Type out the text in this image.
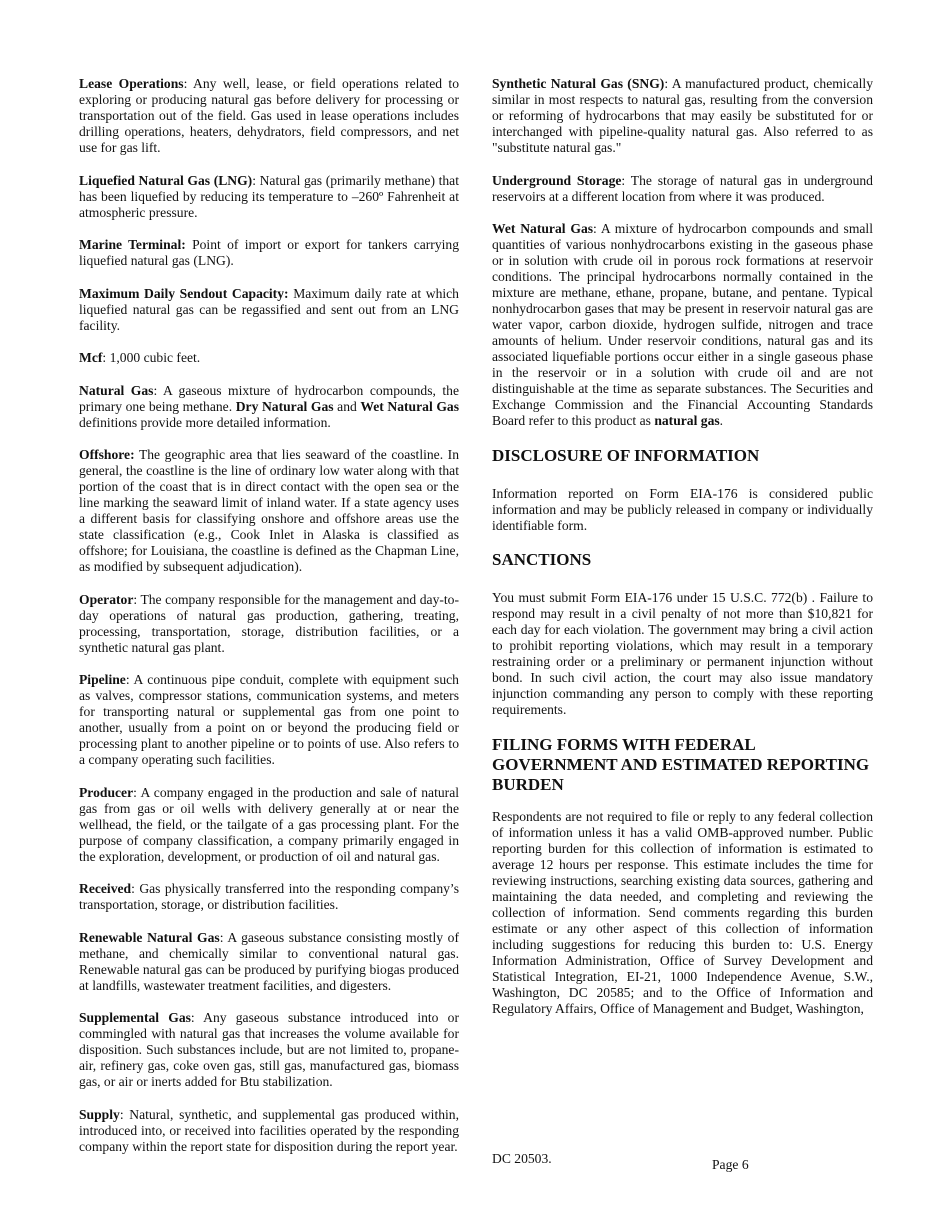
Lease Operations: Any well, lease, or field operations related to exploring or producing natural gas before delivery for processing or transportation out of the field. Gas used in lease operations includes drilling operations, heaters, dehydrators, field compressors, and net use for gas lift.

Liquefied Natural Gas (LNG): Natural gas (primarily methane) that has been liquefied by reducing its temperature to –260º Fahrenheit at atmospheric pressure.

Marine Terminal: Point of import or export for tankers carrying liquefied natural gas (LNG).

Maximum Daily Sendout Capacity: Maximum daily rate at which liquefied natural gas can be regassified and sent out from an LNG facility.

Mcf: 1,000 cubic feet.

Natural Gas: A gaseous mixture of hydrocarbon compounds, the primary one being methane. Dry Natural Gas and Wet Natural Gas definitions provide more detailed information.

Offshore: The geographic area that lies seaward of the coastline. In general, the coastline is the line of ordinary low water along with that portion of the coast that is in direct contact with the open sea or the line marking the seaward limit of inland water. If a state agency uses a different basis for classifying onshore and offshore areas use the state classification (e.g., Cook Inlet in Alaska is classified as offshore; for Louisiana, the coastline is defined as the Chapman Line, as modified by subsequent adjudication).

Operator: The company responsible for the management and day-to-day operations of natural gas production, gathering, treating, processing, transportation, storage, distribution facilities, or a synthetic natural gas plant.

Pipeline: A continuous pipe conduit, complete with equipment such as valves, compressor stations, communication systems, and meters for transporting natural or supplemental gas from one point to another, usually from a point on or beyond the producing field or processing plant to another pipeline or to points of use. Also refers to a company operating such facilities.

Producer: A company engaged in the production and sale of natural gas from gas or oil wells with delivery generally at or near the wellhead, the field, or the tailgate of a gas processing plant. For the purpose of company classification, a company primarily engaged in the exploration, development, or production of oil and natural gas.

Received: Gas physically transferred into the responding company’s transportation, storage, or distribution facilities.

Renewable Natural Gas: A gaseous substance consisting mostly of methane, and chemically similar to conventional natural gas. Renewable natural gas can be produced by purifying biogas produced at landfills, wastewater treatment facilities, and digesters.

Supplemental Gas: Any gaseous substance introduced into or commingled with natural gas that increases the volume available for disposition. Such substances include, but are not limited to, propane-air, refinery gas, coke oven gas, still gas, manufactured gas, biomass gas, or air or inerts added for Btu stabilization.

Supply: Natural, synthetic, and supplemental gas produced within, introduced into, or received into facilities operated by the responding company within the report state for disposition during the report year.

Synthetic Natural Gas (SNG): A manufactured product, chemically similar in most respects to natural gas, resulting from the conversion or reforming of hydrocarbons that may easily be substituted for or interchanged with pipeline-quality natural gas. Also referred to as "substitute natural gas."

Underground Storage: The storage of natural gas in underground reservoirs at a different location from where it was produced.

Wet Natural Gas: A mixture of hydrocarbon compounds and small quantities of various nonhydrocarbons existing in the gaseous phase or in solution with crude oil in porous rock formations at reservoir conditions. The principal hydrocarbons normally contained in the mixture are methane, ethane, propane, butane, and pentane. Typical nonhydrocarbon gases that may be present in reservoir natural gas are water vapor, carbon dioxide, hydrogen sulfide, nitrogen and trace amounts of helium. Under reservoir conditions, natural gas and its associated liquefiable portions occur either in a single gaseous phase in the reservoir or in a solution with crude oil and are not distinguishable at the time as separate substances. The Securities and Exchange Commission and the Financial Accounting Standards Board refer to this product as natural gas.

DISCLOSURE OF INFORMATION

Information reported on Form EIA-176 is considered public information and may be publicly released in company or individually identifiable form.

SANCTIONS

You must submit Form EIA-176 under 15 U.S.C. 772(b) . Failure to respond may result in a civil penalty of not more than $10,821 for each day for each violation. The government may bring a civil action to prohibit reporting violations, which may result in a temporary restraining order or a preliminary or permanent injunction without bond. In such civil action, the court may also issue mandatory injunction commanding any person to comply with these reporting requirements.

FILING FORMS WITH FEDERAL GOVERNMENT AND ESTIMATED REPORTING BURDEN

Respondents are not required to file or reply to any federal collection of information unless it has a valid OMB-approved number. Public reporting burden for this collection of information is estimated to average 12 hours per response. This estimate includes the time for reviewing instructions, searching existing data sources, gathering and maintaining the data needed, and completing and reviewing the collection of information. Send comments regarding this burden estimate or any other aspect of this collection of information including suggestions for reducing this burden to: U.S. Energy Information Administration, Office of Survey Development and Statistical Integration, EI-21, 1000 Independence Avenue, S.W., Washington, DC 20585; and to the Office of Information and Regulatory Affairs, Office of Management and Budget, Washington,

DC 20503.	Page 6
